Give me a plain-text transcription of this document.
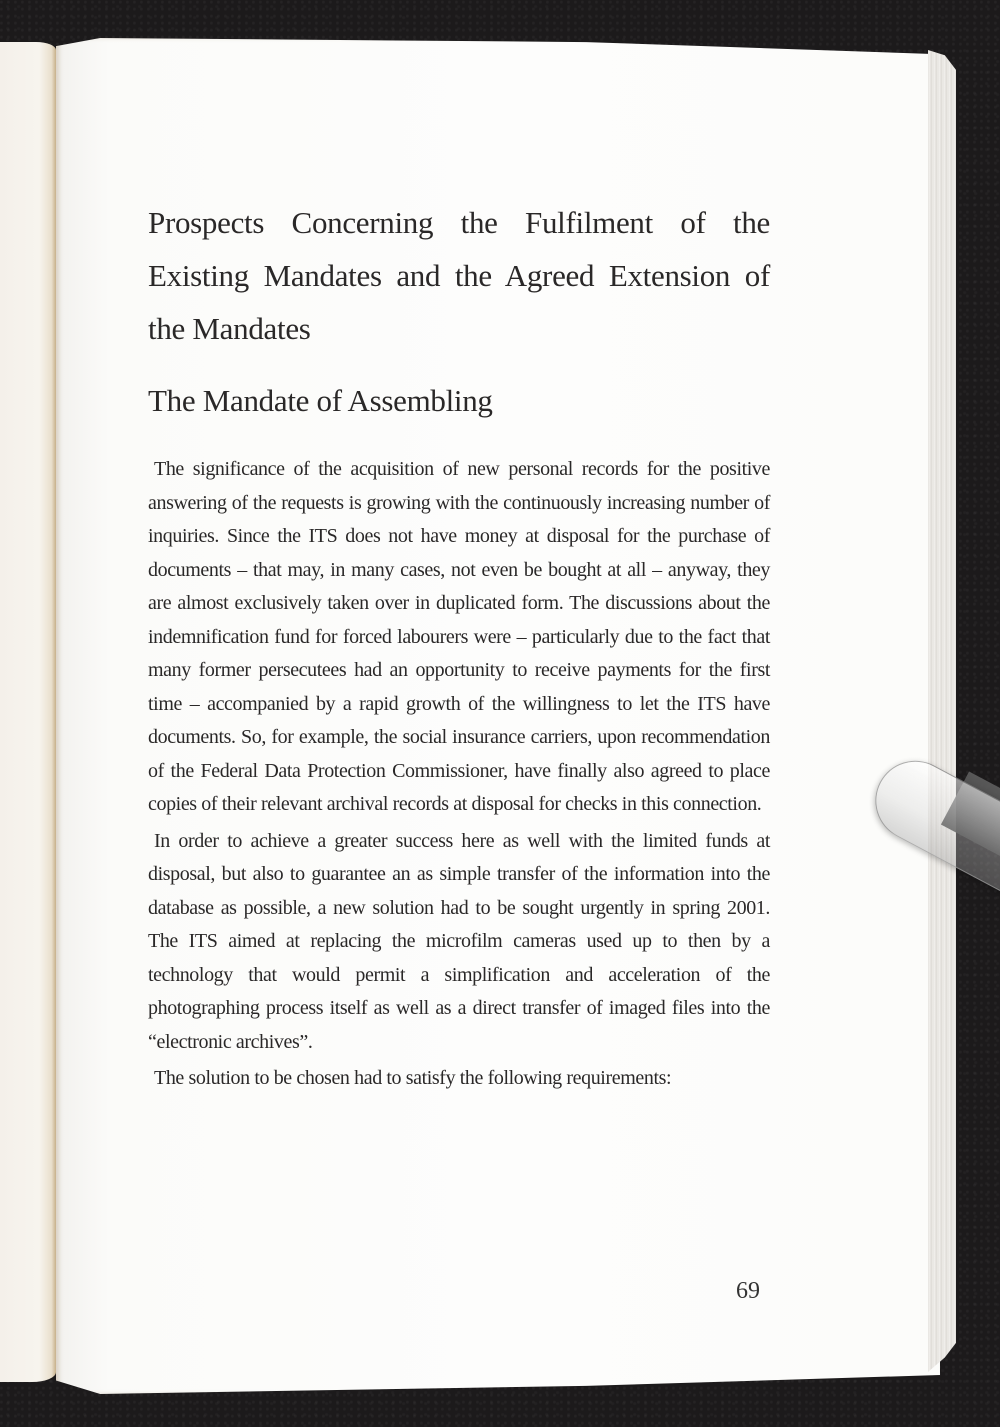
Prospects Concerning the Fulfilment of the Existing Mandates and the Agreed Extension of the Mandates
The Mandate of Assembling

The significance of the acquisition of new personal records for the positive answering of the requests is growing with the continuously increasing number of inquiries. Since the ITS does not have money at disposal for the purchase of documents – that may, in many cases, not even be bought at all – anyway, they are almost exclusively taken over in duplicated form. The discussions about the indemnification fund for forced labourers were – particularly due to the fact that many former persecutees had an opportunity to receive payments for the first time – accompanied by a rapid growth of the willingness to let the ITS have documents. So, for example, the social insurance carriers, upon recommendation of the Federal Data Protection Commissioner, have finally also agreed to place copies of their relevant archival records at disposal for checks in this connection.

In order to achieve a greater success here as well with the limited funds at disposal, but also to guarantee an as simple transfer of the information into the database as possible, a new solution had to be sought urgently in spring 2001. The ITS aimed at replacing the microfilm cameras used up to then by a technology that would permit a simplification and acceleration of the photographing process itself as well as a direct transfer of imaged files into the “electronic archives”.

The solution to be chosen had to satisfy the following requirements:

69
